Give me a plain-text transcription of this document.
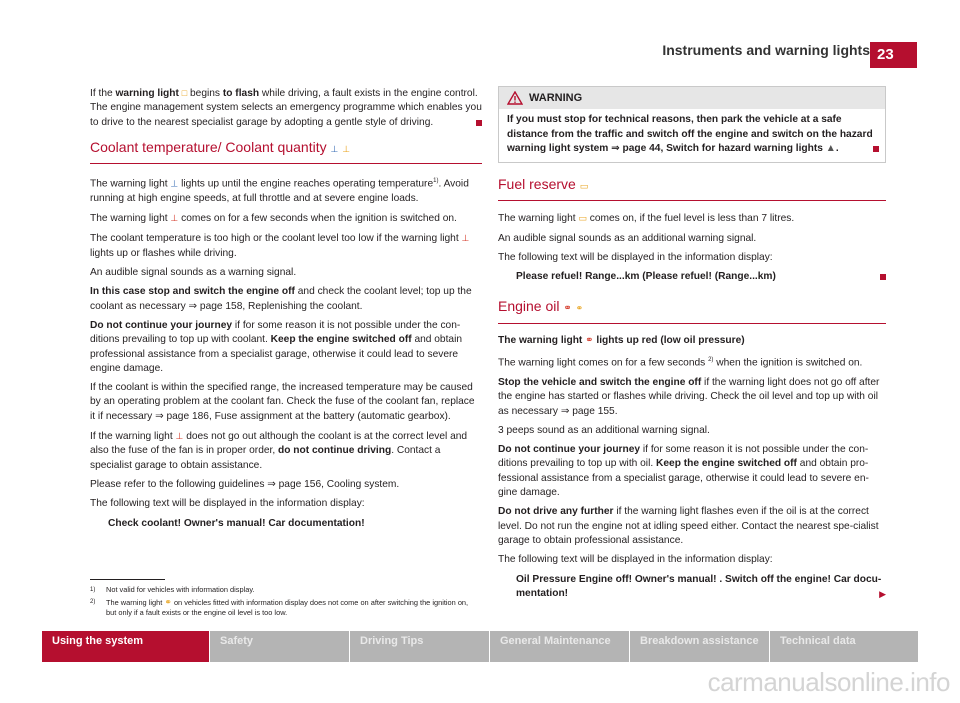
Instruments and warning lights 23

If the warning light □ begins to flash while driving, a fault exists in the engine control. The engine management system selects an emergency programme which enables you to drive to the nearest specialist garage by adopting a gentle style of driving.

Coolant temperature/ Coolant quantity ⊥ ⊥

The warning light ⊥ lights up until the engine reaches operating temperature$^{1)}$. Avoid running at high engine speeds, at full throttle and at severe engine loads.

The warning light ⊥ comes on for a few seconds when the ignition is switched on.

The coolant temperature is too high or the coolant level too low if the warning light ⊥ lights up or flashes while driving.

An audible signal sounds as a warning signal.

In this case stop and switch the engine off and check the coolant level; top up the coolant as necessary ⇒ page 158, Replenishing the coolant.

Do not continue your journey if for some reason it is not possible under the con-ditions prevailing to top up with coolant. Keep the engine switched off and obtain professional assistance from a specialist garage, otherwise it could lead to severe engine damage.

If the coolant is within the specified range, the increased temperature may be caused by an operating problem at the coolant fan. Check the fuse of the coolant fan, replace it if necessary ⇒ page 186, Fuse assignment at the battery (automatic gearbox).

If the warning light ⊥ does not go out although the coolant is at the correct level and also the fuse of the fan is in proper order, do not continue driving. Contact a specialist garage to obtain assistance.

Please refer to the following guidelines ⇒ page 156, Cooling system.

The following text will be displayed in the information display:

Check coolant! Owner's manual! Car documentation!

WARNING
If you must stop for technical reasons, then park the vehicle at a safe distance from the traffic and switch off the engine and switch on the hazard warning light system ⇒ page 44, Switch for hazard warning lights ▲.
Fuel reserve ▭

The warning light ▭ comes on, if the fuel level is less than 7 litres.

An audible signal sounds as an additional warning signal.

The following text will be displayed in the information display:

Please refuel! Range...km (Please refuel! (Range...km)

Engine oil ⚭ ⚭

The warning light ⚭ lights up red (low oil pressure)

The warning light comes on for a few seconds $^{2)}$ when the ignition is switched on.

Stop the vehicle and switch the engine off if the warning light does not go off after the engine has started or flashes while driving. Check the oil level and top up with oil as necessary ⇒ page 155.

3 peeps sound as an additional warning signal.

Do not continue your journey if for some reason it is not possible under the con-ditions prevailing to top up with oil. Keep the engine switched off and obtain pro-fessional assistance from a specialist garage, otherwise it could lead to severe en-gine damage.

Do not drive any further if the warning light flashes even if the oil is at the correct level. Do not run the engine not at idling speed either. Contact the nearest spe-cialist garage to obtain professional assistance.

The following text will be displayed in the information display:

Oil Pressure Engine off! Owner's manual! . Switch off the engine! Car docu-mentation!	▶

1)	Not valid for vehicles with information display.
2)	The warning light ⚭ on vehicles fitted with information display does not come on after switching the ignition on, but only if a fault exists or the engine oil level is too low.
Using the system	Safety	Driving Tips	General Maintenance	Breakdown assistance	Technical data
carmanualsonline.info
